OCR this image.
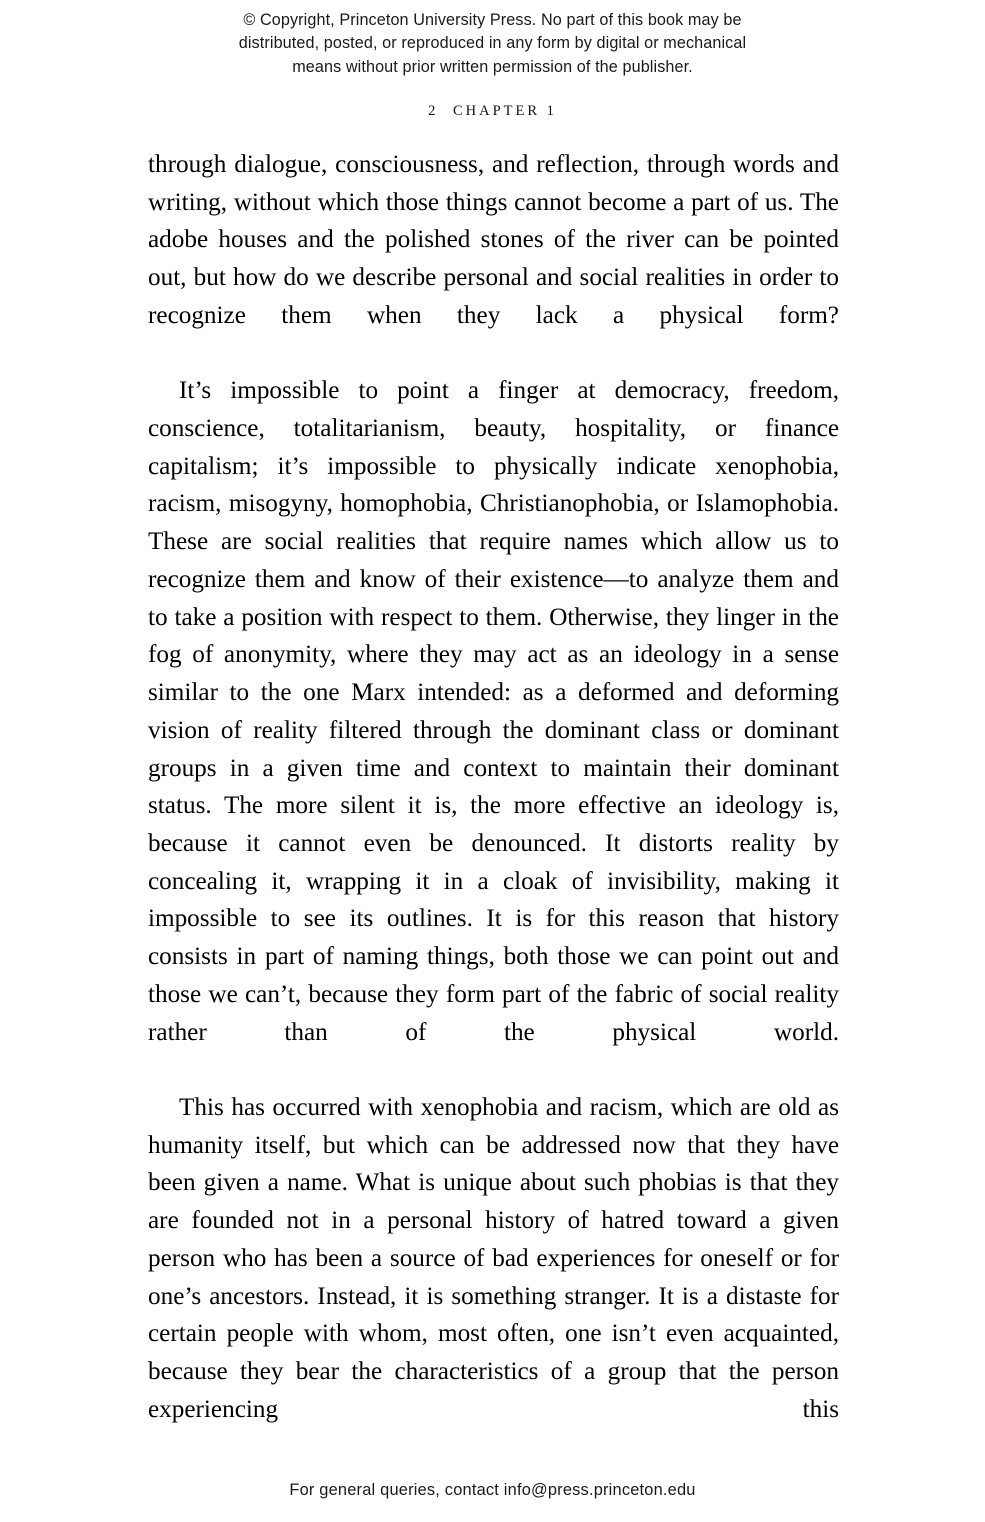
© Copyright, Princeton University Press. No part of this book may be
distributed, posted, or reproduced in any form by digital or mechanical
means without prior written permission of the publisher.
2 CHAPTER 1

through dialogue, consciousness, and reflection, through words and writing, without which those things cannot become a part of us. The adobe houses and the polished stones of the river can be pointed out, but how do we describe personal and social realities in order to recognize them when they lack a physical form?

It’s impossible to point a finger at democracy, freedom, conscience, totalitarianism, beauty, hospitality, or finance capitalism; it’s impossible to physically indicate xenophobia, racism, misogyny, homophobia, Christianophobia, or Islamophobia. These are social realities that require names which allow us to recognize them and know of their existence—to analyze them and to take a position with respect to them. Otherwise, they linger in the fog of anonymity, where they may act as an ideology in a sense similar to the one Marx intended: as a deformed and deforming vision of reality filtered through the dominant class or dominant groups in a given time and context to maintain their dominant status. The more silent it is, the more effective an ideology is, because it cannot even be denounced. It distorts reality by concealing it, wrapping it in a cloak of invisibility, making it impossible to see its outlines. It is for this reason that history consists in part of naming things, both those we can point out and those we can’t, because they form part of the fabric of social reality rather than of the physical world.

This has occurred with xenophobia and racism, which are old as humanity itself, but which can be addressed now that they have been given a name. What is unique about such phobias is that they are founded not in a personal history of hatred toward a given person who has been a source of bad experiences for oneself or for one’s ancestors. Instead, it is something stranger. It is a distaste for certain people with whom, most often, one isn’t even acquainted, because they bear the characteristics of a group that the person experiencing this

For general queries, contact info@press.princeton.edu
